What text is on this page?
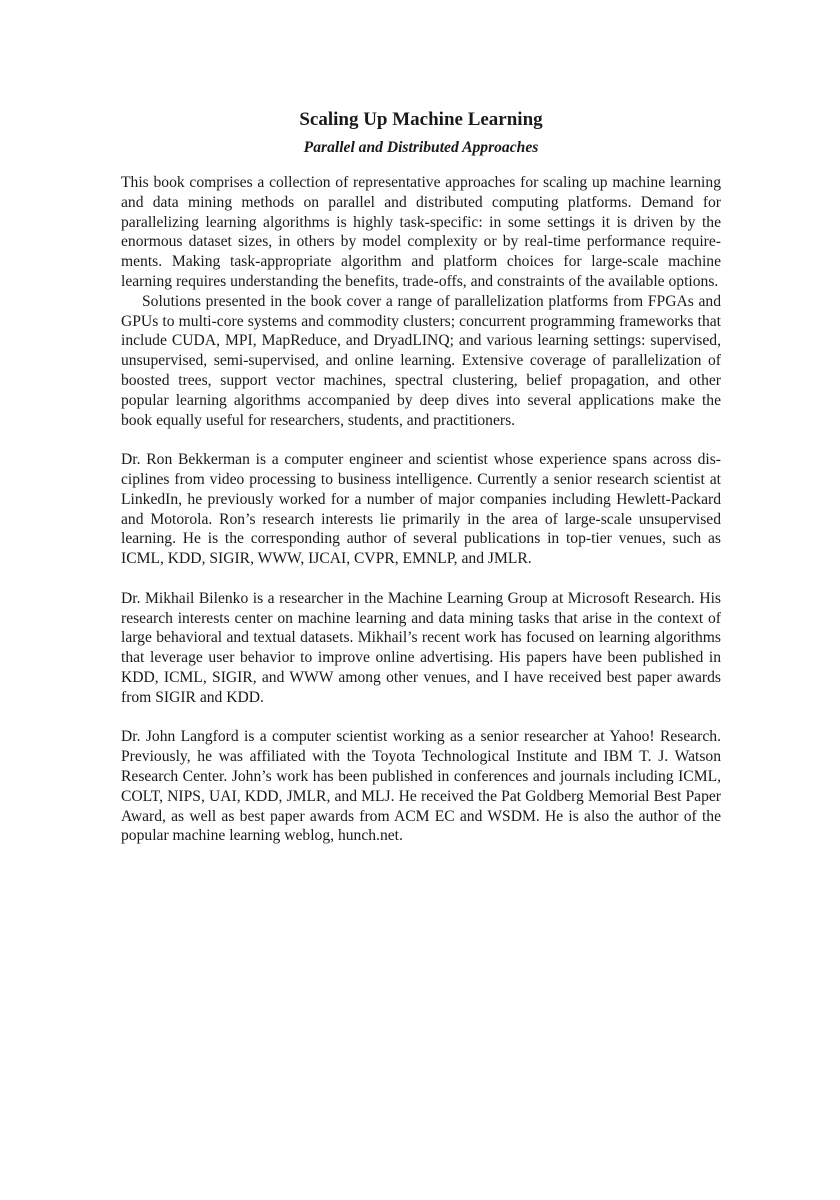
Scaling Up Machine Learning
Parallel and Distributed Approaches

This book comprises a collection of representative approaches for scaling up machine learning and data mining methods on parallel and distributed computing platforms. Demand for parallelizing learning algorithms is highly task-specific: in some settings it is driven by the enormous dataset sizes, in others by model complexity or by real-time performance requirements. Making task-appropriate algorithm and platform choices for large-scale machine learning requires understanding the benefits, trade-offs, and constraints of the available options.

Solutions presented in the book cover a range of parallelization platforms from FPGAs and GPUs to multi-core systems and commodity clusters; concurrent programming frameworks that include CUDA, MPI, MapReduce, and DryadLINQ; and various learning settings: supervised, unsupervised, semi-supervised, and online learning. Extensive coverage of parallelization of boosted trees, support vector machines, spectral clustering, belief propagation, and other popular learning algorithms accompanied by deep dives into several applications make the book equally useful for researchers, students, and practitioners.

Dr. Ron Bekkerman is a computer engineer and scientist whose experience spans across disciplines from video processing to business intelligence. Currently a senior research scientist at LinkedIn, he previously worked for a number of major companies including Hewlett-Packard and Motorola. Ron’s research interests lie primarily in the area of large-scale unsupervised learning. He is the corresponding author of several publications in top-tier venues, such as ICML, KDD, SIGIR, WWW, IJCAI, CVPR, EMNLP, and JMLR.

Dr. Mikhail Bilenko is a researcher in the Machine Learning Group at Microsoft Research. His research interests center on machine learning and data mining tasks that arise in the context of large behavioral and textual datasets. Mikhail’s recent work has focused on learning algorithms that leverage user behavior to improve online advertising. His papers have been published in KDD, ICML, SIGIR, and WWW among other venues, and I have received best paper awards from SIGIR and KDD.

Dr. John Langford is a computer scientist working as a senior researcher at Yahoo! Research. Previously, he was affiliated with the Toyota Technological Institute and IBM T. J. Watson Research Center. John’s work has been published in conferences and journals including ICML, COLT, NIPS, UAI, KDD, JMLR, and MLJ. He received the Pat Goldberg Memorial Best Paper Award, as well as best paper awards from ACM EC and WSDM. He is also the author of the popular machine learning weblog, hunch.net.
